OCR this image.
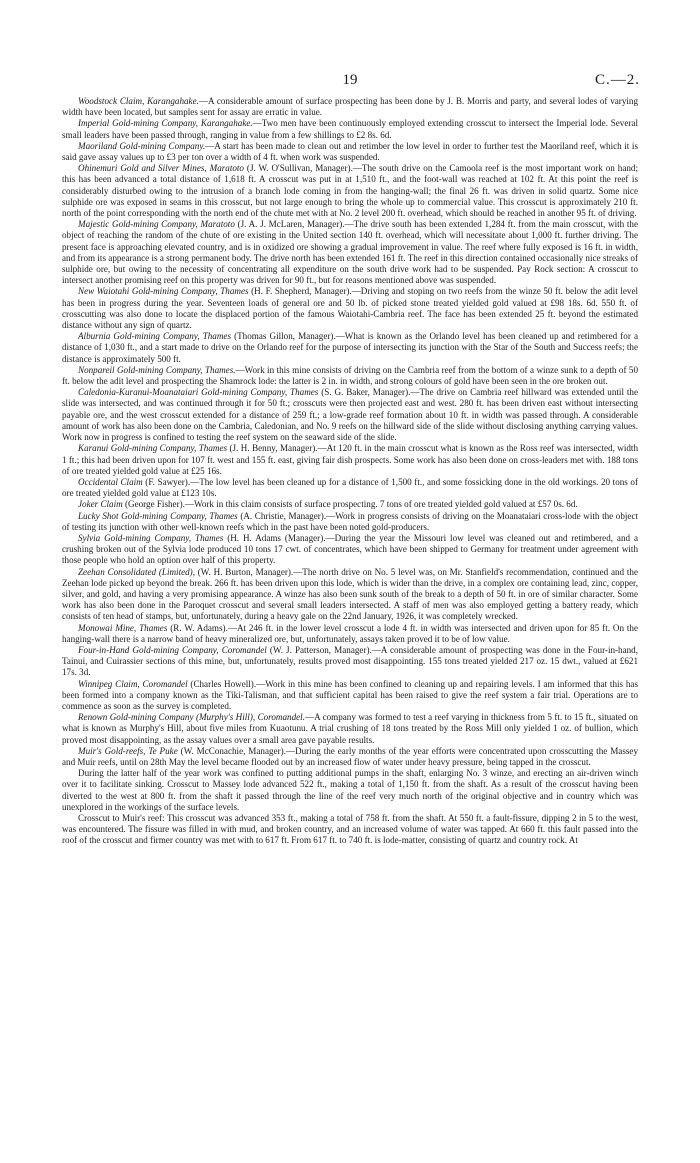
19	C.—2.

Woodstock Claim, Karangahake.—A considerable amount of surface prospecting has been done by J. B. Morris and party, and several lodes of varying width have been located, but samples sent for assay are erratic in value.

Imperial Gold-mining Company, Karangahake.—Two men have been continuously employed extending crosscut to intersect the Imperial lode. Several small leaders have been passed through, ranging in value from a few shillings to £2 8s. 6d.

Maoriland Gold-mining Company.—A start has been made to clean out and retimber the low level in order to further test the Maoriland reef, which it is said gave assay values up to £3 per ton over a width of 4 ft. when work was suspended.

Ohinemuri Gold and Silver Mines, Maratoto (J. W. O'Sullivan, Manager).—The south drive on the Camoola reef is the most important work on hand; this has been advanced a total distance of 1,618 ft. A crosscut was put in at 1,510 ft., and the foot-wall was reached at 102 ft. At this point the reef is considerably disturbed owing to the intrusion of a branch lode coming in from the hanging-wall; the final 26 ft. was driven in solid quartz. Some nice sulphide ore was exposed in seams in this crosscut, but not large enough to bring the whole up to commercial value. This crosscut is approximately 210 ft. north of the point corresponding with the north end of the chute met with at No. 2 level 200 ft. overhead, which should be reached in another 95 ft. of driving.

Majestic Gold-mining Company, Maratoto (J. A. J. McLaren, Manager).—The drive south has been extended 1,284 ft. from the main crosscut, with the object of reaching the random of the chute of ore existing in the United section 140 ft. overhead, which will necessitate about 1,000 ft. further driving. The present face is approaching elevated country, and is in oxidized ore showing a gradual improvement in value. The reef where fully exposed is 16 ft. in width, and from its appearance is a strong permanent body. The drive north has been extended 161 ft. The reef in this direction contained occasionally nice streaks of sulphide ore, but owing to the necessity of concentrating all expenditure on the south drive work had to be suspended. Pay Rock section: A crosscut to intersect another promising reef on this property was driven for 90 ft., but for reasons mentioned above was suspended.

New Waiotahi Gold-mining Company, Thames (H. F. Shepherd, Manager).—Driving and stoping on two reefs from the winze 50 ft. below the adit level has been in progress during the year. Seventeen loads of general ore and 50 lb. of picked stone treated yielded gold valued at £98 18s. 6d. 550 ft. of crosscutting was also done to locate the displaced portion of the famous Waiotahi-Cambria reef. The face has been extended 25 ft. beyond the estimated distance without any sign of quartz.

Alburnia Gold-mining Company, Thames (Thomas Gillon, Manager).—What is known as the Orlando level has been cleaned up and retimbered for a distance of 1,030 ft., and a start made to drive on the Orlando reef for the purpose of intersecting its junction with the Star of the South and Success reefs; the distance is approximately 500 ft.

Nonpareil Gold-mining Company, Thames.—Work in this mine consists of driving on the Cambria reef from the bottom of a winze sunk to a depth of 50 ft. below the adit level and prospecting the Shamrock lode: the latter is 2 in. in width, and strong colours of gold have been seen in the ore broken out.

Caledonia-Kuranui-Moanataiari Gold-mining Company, Thames (S. G. Baker, Manager).—The drive on Cambria reef hillward was extended until the slide was intersected, and was continued through it for 50 ft.; crosscuts were then projected east and west. 280 ft. has been driven east without intersecting payable ore, and the west crosscut extended for a distance of 259 ft.; a low-grade reef formation about 10 ft. in width was passed through. A considerable amount of work has also been done on the Cambria, Caledonian, and No. 9 reefs on the hillward side of the slide without disclosing anything carrying values. Work now in progress is confined to testing the reef system on the seaward side of the slide.

Karanui Gold-mining Company, Thames (J. H. Benny, Manager).—At 120 ft. in the main crosscut what is known as the Ross reef was intersected, width 1 ft.; this had been driven upon for 107 ft. west and 155 ft. east, giving fair dish prospects. Some work has also been done on cross-leaders met with. 188 tons of ore treated yielded gold value at £25 16s.

Occidental Claim (F. Sawyer).—The low level has been cleaned up for a distance of 1,500 ft., and some fossicking done in the old workings. 20 tons of ore treated yielded gold value at £123 10s.

Joker Claim (George Fisher).—Work in this claim consists of surface prospecting. 7 tons of ore treated yielded gold valued at £57 0s. 6d.

Lucky Shot Gold-mining Company, Thames (A. Christie, Manager).—Work in progress consists of driving on the Moanataiari cross-lode with the object of testing its junction with other well-known reefs which in the past have been noted gold-producers.

Sylvia Gold-mining Company, Thames (H. H. Adams (Manager).—During the year the Missouri low level was cleaned out and retimbered, and a crushing broken out of the Sylvia lode produced 10 tons 17 cwt. of concentrates, which have been shipped to Germany for treatment under agreement with those people who hold an option over half of this property.

Zeehan Consolidated (Limited), (W. H. Burton, Manager).—The north drive on No. 5 level was, on Mr. Stanfield's recommendation, continued and the Zeehan lode picked up beyond the break. 266 ft. has been driven upon this lode, which is wider than the drive, in a complex ore containing lead, zinc, copper, silver, and gold, and having a very promising appearance. A winze has also been sunk south of the break to a depth of 50 ft. in ore of similar character. Some work has also been done in the Paroquet crosscut and several small leaders intersected. A staff of men was also employed getting a battery ready, which consists of ten head of stamps, but, unfortunately, during a heavy gale on the 22nd January, 1926, it was completely wrecked.

Monowai Mine, Thames (R. W. Adams).—At 246 ft. in the lower level crosscut a lode 4 ft. in width was intersected and driven upon for 85 ft. On the hanging-wall there is a narrow band of heavy mineralized ore, but, unfortunately, assays taken proved it to be of low value.

Four-in-Hand Gold-mining Company, Coromandel (W. J. Patterson, Manager).—A considerable amount of prospecting was done in the Four-in-hand, Tainui, and Cuirassier sections of this mine, but, unfortunately, results proved most disappointing. 155 tons treated yielded 217 oz. 15 dwt., valued at £621 17s. 3d.

Winnipeg Claim, Coromandel (Charles Howell).—Work in this mine has been confined to cleaning up and repairing levels. I am informed that this has been formed into a company known as the Tiki-Talisman, and that sufficient capital has been raised to give the reef system a fair trial. Operations are to commence as soon as the survey is completed.

Renown Gold-mining Company (Murphy's Hill), Coromandel.—A company was formed to test a reef varying in thickness from 5 ft. to 15 ft., situated on what is known as Murphy's Hill, about five miles from Kuaotunu. A trial crushing of 18 tons treated by the Ross Mill only yielded 1 oz. of bullion, which proved most disappointing, as the assay values over a small area gave payable results.

Muir's Gold-reefs, Te Puke (W. McConachie, Manager).—During the early months of the year efforts were concentrated upon crosscutting the Massey and Muir reefs, until on 28th May the level became flooded out by an increased flow of water under heavy pressure, being tapped in the crosscut.

During the latter half of the year work was confined to putting additional pumps in the shaft, enlarging No. 3 winze, and erecting an air-driven winch over it to facilitate sinking. Crosscut to Massey lode advanced 522 ft., making a total of 1,150 ft. from the shaft. As a result of the crosscut having been diverted to the west at 800 ft. from the shaft it passed through the line of the reef very much north of the original objective and in country which was unexplored in the workings of the surface levels.

Crosscut to Muir's reef: This crosscut was advanced 353 ft., making a total of 758 ft. from the shaft. At 550 ft. a fault-fissure, dipping 2 in 5 to the west, was encountered. The fissure was filled in with mud, and broken country, and an increased volume of water was tapped. At 660 ft. this fault passed into the roof of the crosscut and firmer country was met with to 617 ft. From 617 ft. to 740 ft. is lode-matter, consisting of quartz and country rock. At
